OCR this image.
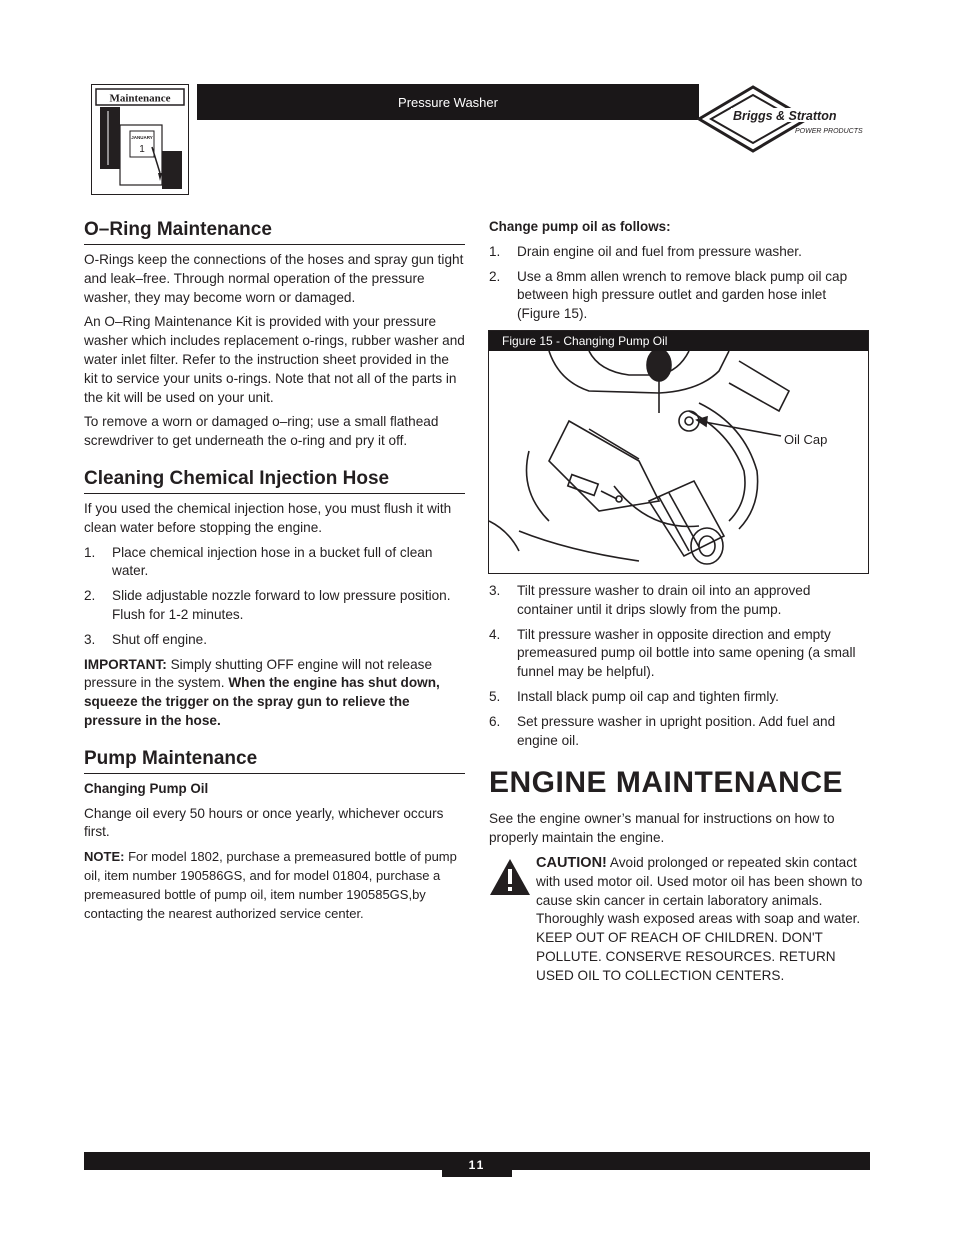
Maintenance
JANUARY
1
Pressure Washer
Briggs & Stratton
POWER PRODUCTS
O–Ring Maintenance

O-Rings keep the connections of the hoses and spray gun tight and leak–free. Through normal operation of the pressure washer, they may become worn or damaged.

An O–Ring Maintenance Kit is provided with your pressure washer which includes replacement o-rings, rubber washer and water inlet filter. Refer to the instruction sheet provided in the kit to service your units o-rings. Note that not all of the parts in the kit will be used on your unit.

To remove a worn or damaged o–ring; use a small flathead screwdriver to get underneath the o-ring and pry it off.

Cleaning Chemical Injection Hose

If you used the chemical injection hose, you must flush it with clean water before stopping the engine.

1. Place chemical injection hose in a bucket full of clean water.
2. Slide adjustable nozzle forward to low pressure position. Flush for 1-2 minutes.
3. Shut off engine.

IMPORTANT: Simply shutting OFF engine will not release pressure in the system. When the engine has shut down, squeeze the trigger on the spray gun to relieve the pressure in the hose.

Pump Maintenance
Changing Pump Oil

Change oil every 50 hours or once yearly, whichever occurs first.

NOTE: For model 1802, purchase a premeasured bottle of pump oil, item number 190586GS, and for model 01804, purchase a premeasured bottle of pump oil, item number 190585GS,by contacting the nearest authorized service center.

Change pump oil as follows:
1. Drain engine oil and fuel from pressure washer.
2. Use a 8mm allen wrench to remove black pump oil cap between high pressure outlet and garden hose inlet (Figure 15).
Figure 15 - Changing Pump Oil
Oil Cap
3. Tilt pressure washer to drain oil into an approved container until it drips slowly from the pump.
4. Tilt pressure washer in opposite direction and empty premeasured pump oil bottle into same opening (a small funnel may be helpful).
5. Install black pump oil cap and tighten firmly.
6. Set pressure washer in upright position. Add fuel and engine oil.
ENGINE MAINTENANCE

See the engine owner’s manual for instructions on how to properly maintain the engine.

CAUTION! Avoid prolonged or repeated skin contact with used motor oil. Used motor oil has been shown to cause skin cancer in certain laboratory animals. Thoroughly wash exposed areas with soap and water.

KEEP OUT OF REACH OF CHILDREN. DON'T POLLUTE. CONSERVE RESOURCES. RETURN USED OIL TO COLLECTION CENTERS.

11
